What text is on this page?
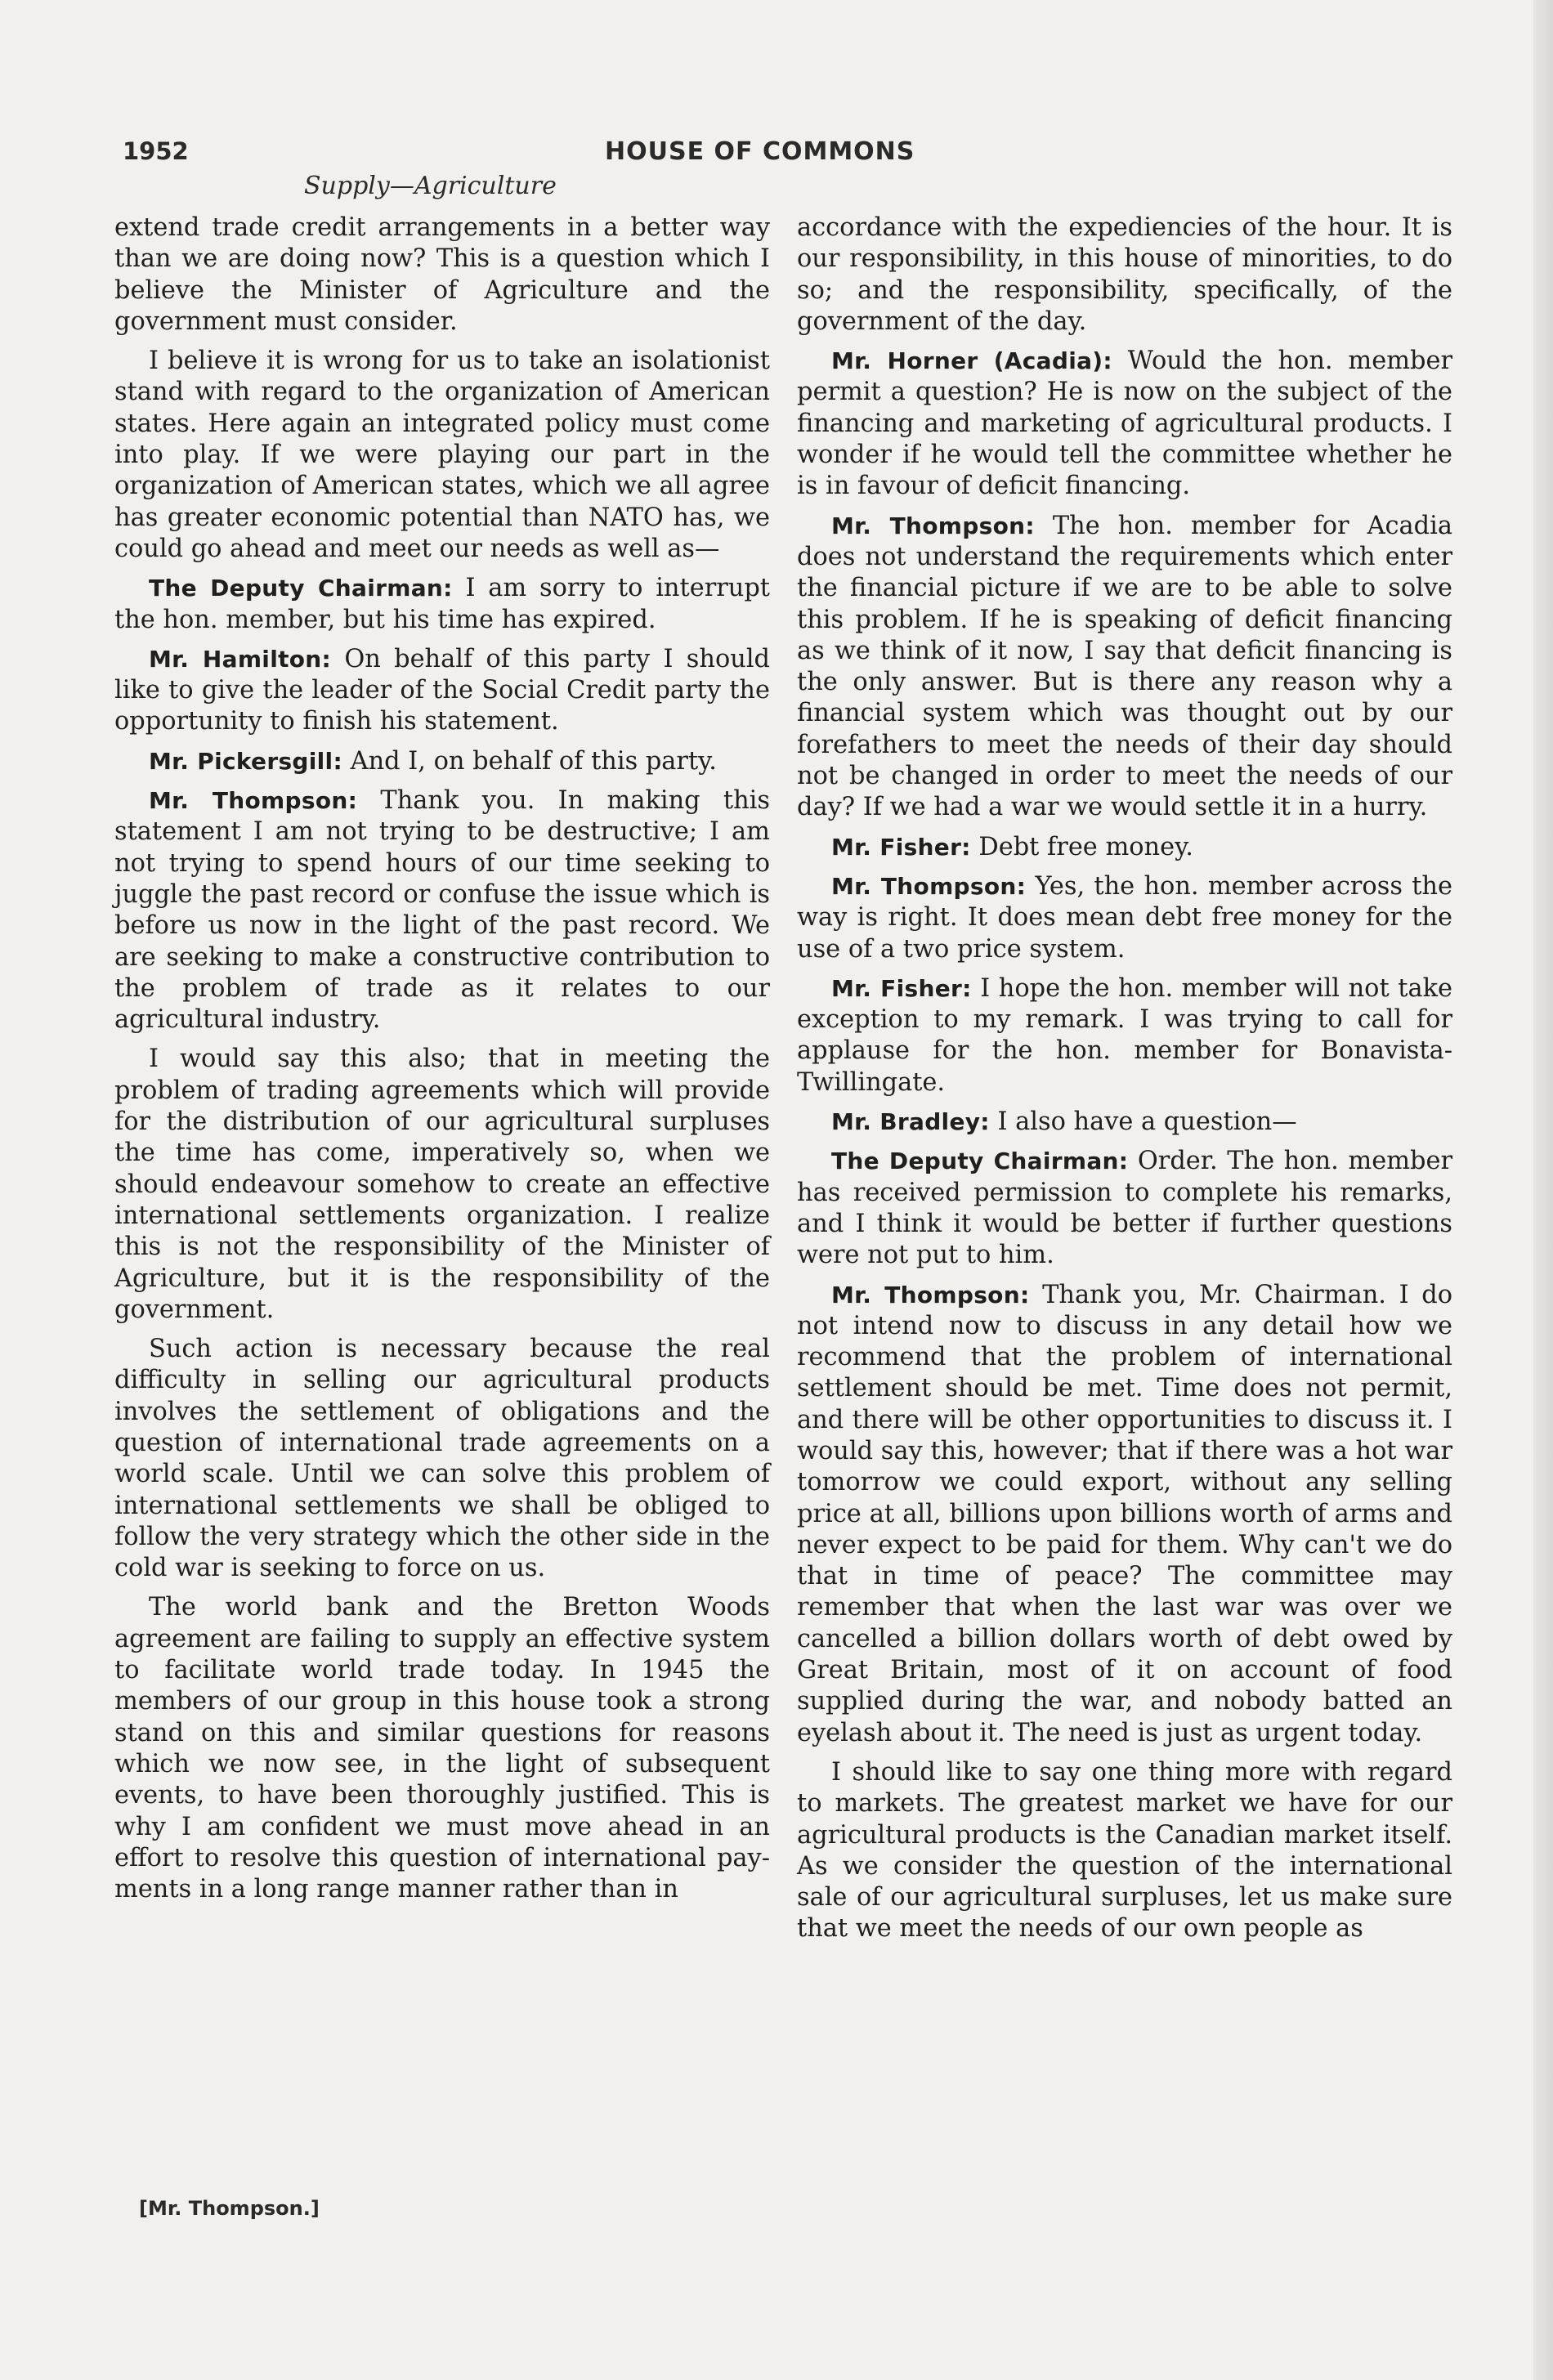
1952	HOUSE OF COMMONS
Supply—Agriculture

extend trade credit arrangements in a better way than we are doing now? This is a question which I believe the Minister of Agriculture and the government must consider.

I believe it is wrong for us to take an isolationist stand with regard to the organization of American states. Here again an integrated policy must come into play. If we were playing our part in the organization of American states, which we all agree has greater economic potential than NATO has, we could go ahead and meet our needs as well as—

The Deputy Chairman: I am sorry to interrupt the hon. member, but his time has expired.

Mr. Hamilton: On behalf of this party I should like to give the leader of the Social Credit party the opportunity to finish his statement.

Mr. Pickersgill: And I, on behalf of this party.

Mr. Thompson: Thank you. In making this statement I am not trying to be destructive; I am not trying to spend hours of our time seeking to juggle the past record or confuse the issue which is before us now in the light of the past record. We are seeking to make a constructive contribution to the problem of trade as it relates to our agricultural industry.

I would say this also; that in meeting the problem of trading agreements which will provide for the distribution of our agricultural surpluses the time has come, imperatively so, when we should endeavour somehow to create an effective international settlements organization. I realize this is not the responsibility of the Minister of Agriculture, but it is the responsibility of the government.

Such action is necessary because the real difficulty in selling our agricultural products involves the settlement of obligations and the question of international trade agreements on a world scale. Until we can solve this problem of international settlements we shall be obliged to follow the very strategy which the other side in the cold war is seeking to force on us.

The world bank and the Bretton Woods agreement are failing to supply an effective system to facilitate world trade today. In 1945 the members of our group in this house took a strong stand on this and similar questions for reasons which we now see, in the light of subsequent events, to have been thoroughly justified. This is why I am confident we must move ahead in an effort to resolve this question of international payments in a long range manner rather than in

accordance with the expediencies of the hour. It is our responsibility, in this house of minorities, to do so; and the responsibility, specifically, of the government of the day.

Mr. Horner (Acadia): Would the hon. member permit a question? He is now on the subject of the financing and marketing of agricultural products. I wonder if he would tell the committee whether he is in favour of deficit financing.

Mr. Thompson: The hon. member for Acadia does not understand the requirements which enter the financial picture if we are to be able to solve this problem. If he is speaking of deficit financing as we think of it now, I say that deficit financing is the only answer. But is there any reason why a financial system which was thought out by our forefathers to meet the needs of their day should not be changed in order to meet the needs of our day? If we had a war we would settle it in a hurry.

Mr. Fisher: Debt free money.

Mr. Thompson: Yes, the hon. member across the way is right. It does mean debt free money for the use of a two price system.

Mr. Fisher: I hope the hon. member will not take exception to my remark. I was trying to call for applause for the hon. member for Bonavista-Twillingate.

Mr. Bradley: I also have a question—

The Deputy Chairman: Order. The hon. member has received permission to complete his remarks, and I think it would be better if further questions were not put to him.

Mr. Thompson: Thank you, Mr. Chairman. I do not intend now to discuss in any detail how we recommend that the problem of international settlement should be met. Time does not permit, and there will be other opportunities to discuss it. I would say this, however; that if there was a hot war tomorrow we could export, without any selling price at all, billions upon billions worth of arms and never expect to be paid for them. Why can't we do that in time of peace? The committee may remember that when the last war was over we cancelled a billion dollars worth of debt owed by Great Britain, most of it on account of food supplied during the war, and nobody batted an eyelash about it. The need is just as urgent today.

I should like to say one thing more with regard to markets. The greatest market we have for our agricultural products is the Canadian market itself. As we consider the question of the international sale of our agricultural surpluses, let us make sure that we meet the needs of our own people as

[Mr. Thompson.]
